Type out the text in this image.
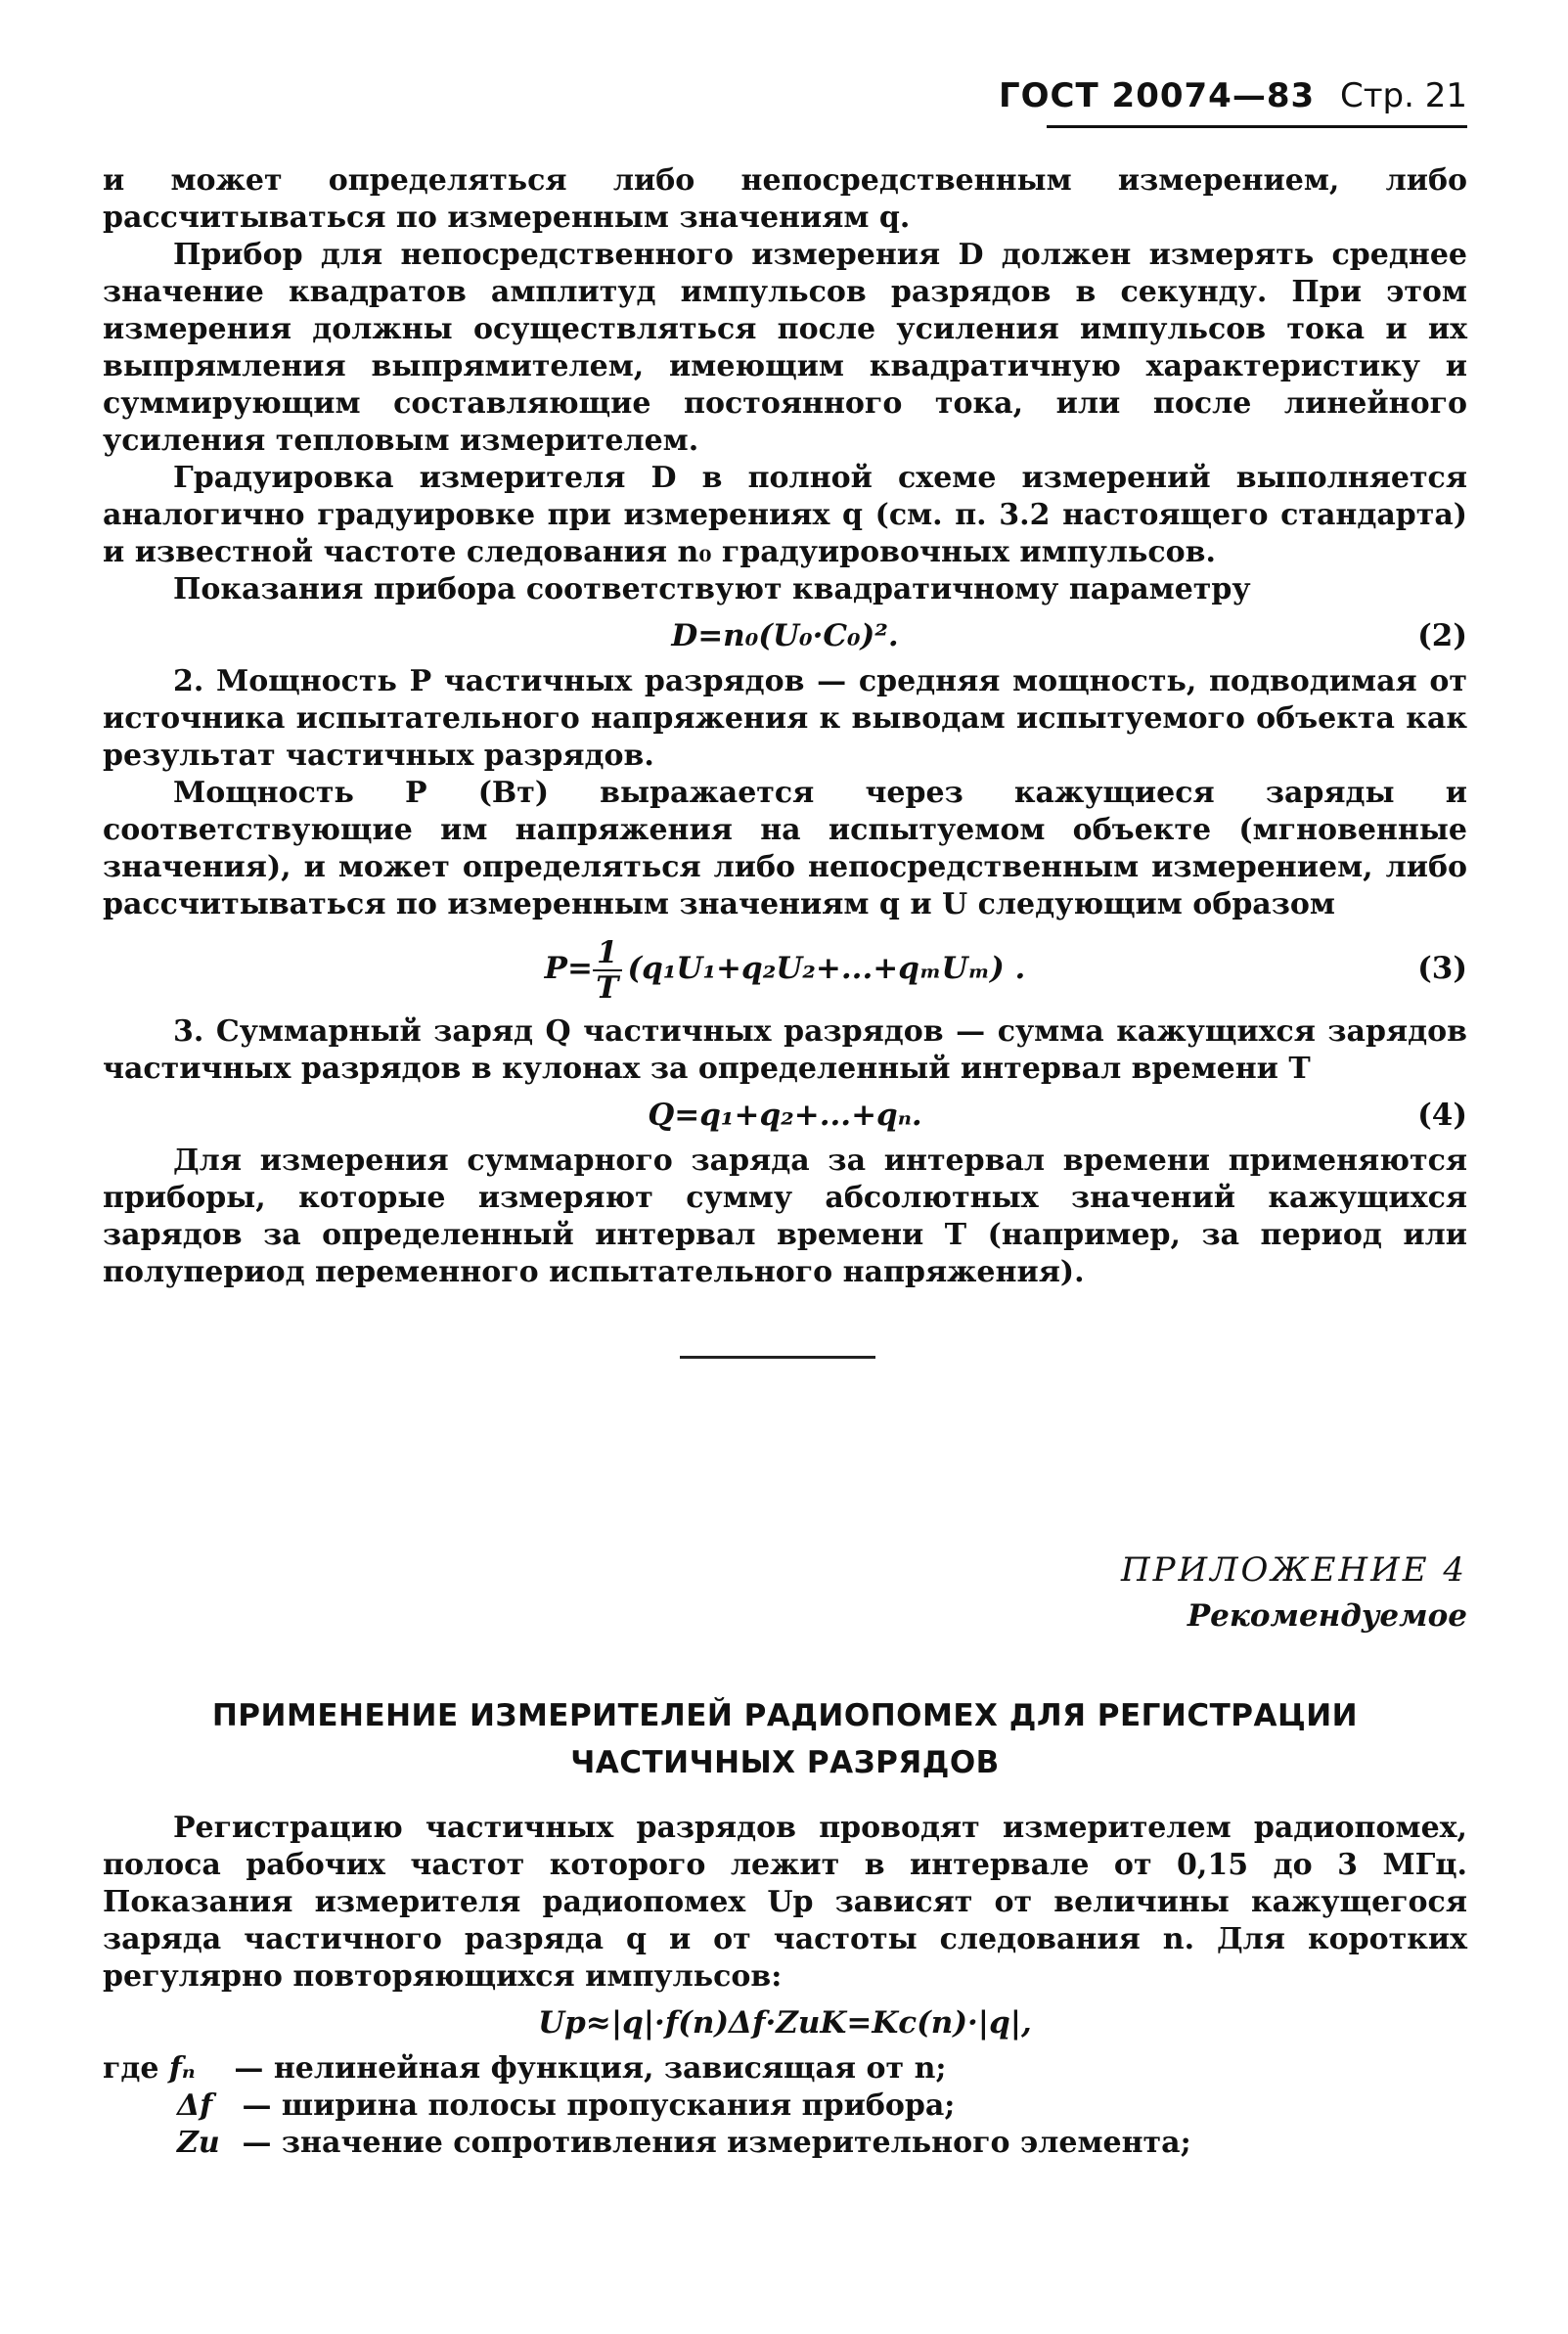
ГОСТ 20074—83 Стр. 21

и может определяться либо непосредственным измерением, либо рассчитываться по измеренным значениям q.

Прибор для непосредственного измерения D должен измерять среднее значение квадратов амплитуд импульсов разрядов в секунду. При этом измерения должны осуществляться после усиления импульсов тока и их выпрямления выпрямителем, имеющим квадратичную характеристику и суммирующим составляющие постоянного тока, или после линейного усиления тепловым измерителем.

Градуировка измерителя D в полной схеме измерений выполняется аналогично градуировке при измерениях q (см. п. 3.2 настоящего стандарта) и известной частоте следования n₀ градуировочных импульсов.

Показания прибора соответствуют квадратичному параметру

D=n₀(U₀·C₀)².	(2)

2. Мощность P частичных разрядов — средняя мощность, подводимая от источника испытательного напряжения к выводам испытуемого объекта как результат частичных разрядов.

Мощность P (Вт) выражается через кажущиеся заряды и соответствующие им напряжения на испытуемом объекте (мгновенные значения), и может определяться либо непосредственным измерением, либо рассчитываться по измеренным значениям q и U следующим образом

$P= \frac{1}{T} (q_1U_1+q_2U_2+...+q_mU_m)$ .	(3)

3. Суммарный заряд Q частичных разрядов — сумма кажущихся зарядов частичных разрядов в кулонах за определенный интервал времени T

Q=q₁+q₂+...+qₙ.	(4)

Для измерения суммарного заряда за интервал времени применяются приборы, которые измеряют сумму абсолютных значений кажущихся зарядов за определенный интервал времени T (например, за период или полупериод переменного испытательного напряжения).

ПРИЛОЖЕНИЕ 4
Рекомендуемое
ПРИМЕНЕНИЕ ИЗМЕРИТЕЛЕЙ РАДИОПОМЕХ ДЛЯ РЕГИСТРАЦИИ
ЧАСТИЧНЫХ РАЗРЯДОВ

Регистрацию частичных разрядов проводят измерителем радиопомех, полоса рабочих частот которого лежит в интервале от 0,15 до 3 МГц. Показания измерителя радиопомех Uр зависят от величины кажущегося заряда частичного разряда q и от частоты следования n. Для коротких регулярно повторяющихся импульсов:

Uр≈|q|·f(n)Δf·ZиK=Kс(n)·|q|,
где fₙ — нелинейная функция, зависящая от n;
Δf — ширина полосы пропускания прибора;
Zи — значение сопротивления измерительного элемента;
